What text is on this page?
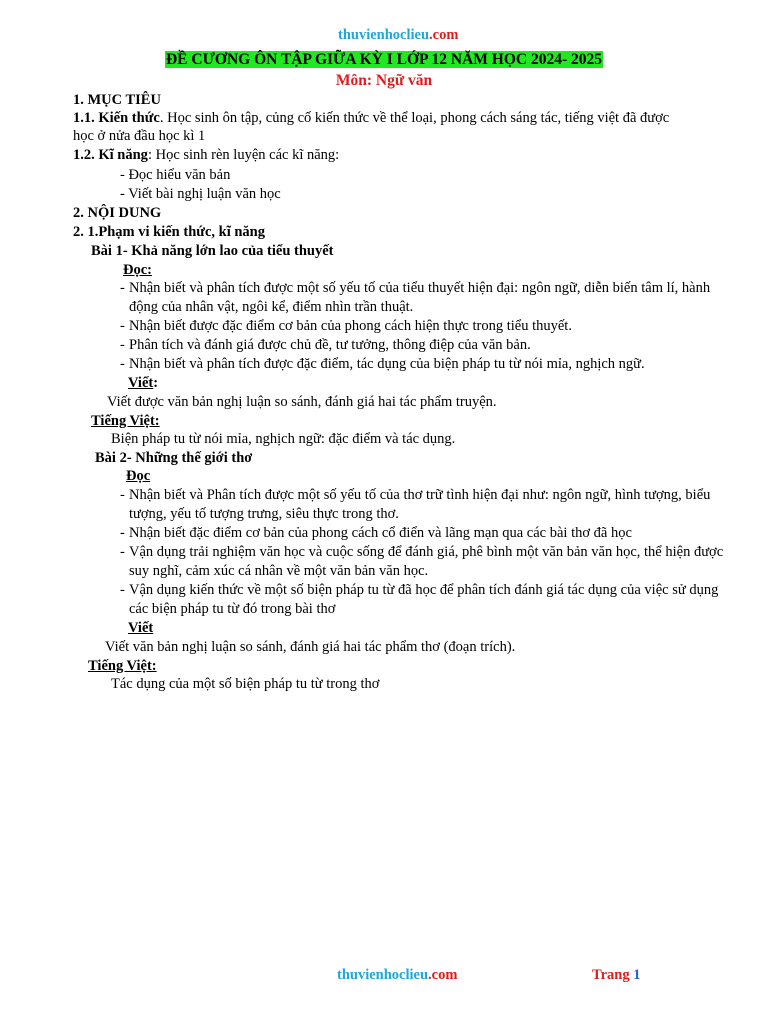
thuvienhoclieu.com
ĐỀ CƯƠNG ÔN TẬP GIỮA KỲ I LỚP 12 NĂM HỌC 2024- 2025
Môn: Ngữ văn
1. MỤC TIÊU
1.1. Kiến thức. Học sinh ôn tập, củng cố kiến thức về thể loại, phong cách sáng tác, tiếng việt đã được
học ở nửa đầu học kì 1
1.2. Kĩ năng: Học sinh rèn luyện các kĩ năng:
- Đọc hiểu văn bản
- Viết bài nghị luận văn học
2. NỘI DUNG
2. 1.Phạm vi kiến thức, kĩ năng
Bài 1- Khả năng lớn lao của tiểu thuyết
Đọc:
- Nhận biết và phân tích được một số yếu tố của tiểu thuyết hiện đại: ngôn ngữ, diễn biến tâm lí, hành động của nhân vật, ngôi kể, điểm nhìn trần thuật.
- Nhận biết được đặc điểm cơ bản của phong cách hiện thực trong tiểu thuyết.
- Phân tích và đánh giá được chủ đề, tư tưởng, thông điệp của văn bản.
- Nhận biết và phân tích được đặc điểm, tác dụng của biện pháp tu từ nói mỉa, nghịch ngữ.
Viết:
Viết được văn bản nghị luận so sánh, đánh giá hai tác phẩm truyện.
Tiếng Việt:
Biện pháp tu từ nói mỉa, nghịch ngữ: đặc điểm và tác dụng.
Bài 2- Những thế giới thơ
Đọc
- Nhận biết và Phân tích được một số yếu tố của thơ trữ tình hiện đại như: ngôn ngữ, hình tượng, biểu tượng, yếu tố tượng trưng, siêu thực trong thơ.
- Nhận biết đặc điểm cơ bản của phong cách cổ điển và lãng mạn qua các bài thơ đã học
- Vận dụng trải nghiệm văn học và cuộc sống để đánh giá, phê bình một văn bản văn học, thể hiện được suy nghĩ, cảm xúc cá nhân về một văn bản văn học.
- Vận dụng kiến thức về một số biện pháp tu từ đã học để phân tích đánh giá tác dụng của việc sử dụng các biện pháp tu từ đó trong bài thơ
Viết
Viết văn bản nghị luận so sánh, đánh giá hai tác phẩm thơ (đoạn trích).
Tiếng Việt:
Tác dụng của một số biện pháp tu từ trong thơ
thuvienhoclieu.com	Trang 1
